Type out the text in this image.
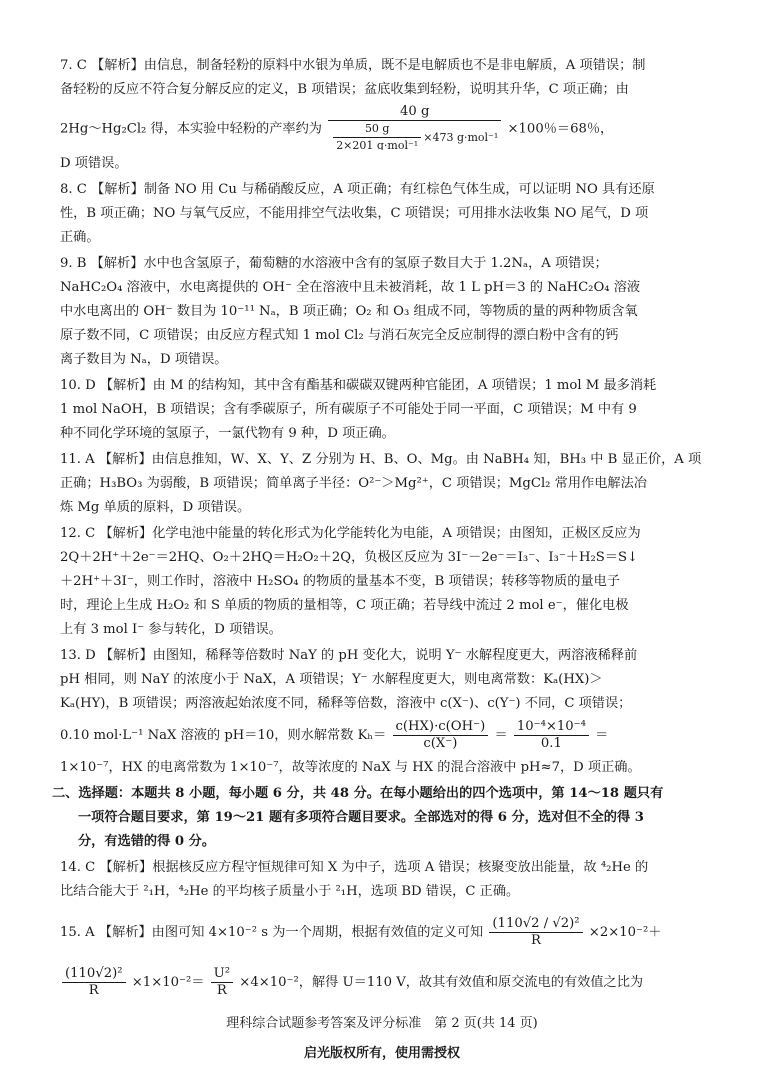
7. C 【解析】由信息，制备轻粉的原料中水银为单质，既不是电解质也不是非电解质，A 项错误；制
备轻粉的反应不符合复分解反应的定义，B 项错误；盆底收集到轻粉，说明其升华，C 项正确；由
2Hg～Hg₂Cl₂ 得，本实验中轻粉的产率约为 $\frac{40 g}{\frac{50 g}{\text{2×201 g·mol⁻¹}} \times 473 g\cdot mol^{-1}} \times 100$％＝68％，
D 项错误。
8. C 【解析】制备 NO 用 Cu 与稀硝酸反应，A 项正确；有红棕色气体生成，可以证明 NO 具有还原
性，B 项正确；NO 与氧气反应，不能用排空气法收集，C 项错误；可用排水法收集 NO 尾气，D 项
正确。
9. B 【解析】水中也含氢原子，葡萄糖的水溶液中含有的氢原子数目大于 1.2Nₐ，A 项错误；
NaHC₂O₄ 溶液中，水电离提供的 OH⁻ 全在溶液中且未被消耗，故 1 L pH＝3 的 NaHC₂O₄ 溶液
中水电离出的 OH⁻ 数目为 10⁻¹¹ Nₐ，B 项正确；O₂ 和 O₃ 组成不同，等物质的量的两种物质含氧
原子数不同，C 项错误；由反应方程式知 1 mol Cl₂ 与消石灰完全反应制得的漂白粉中含有的钙
离子数目为 Nₐ，D 项错误。
10. D 【解析】由 M 的结构知，其中含有酯基和碳碳双键两种官能团，A 项错误；1 mol M 最多消耗
1 mol NaOH，B 项错误；含有季碳原子，所有碳原子不可能处于同一平面，C 项错误；M 中有 9
种不同化学环境的氢原子，一氯代物有 9 种，D 项正确。
11. A 【解析】由信息推知，W、X、Y、Z 分别为 H、B、O、Mg。由 NaBH₄ 知，BH₃ 中 B 显正价，A 项
正确；H₃BO₃ 为弱酸，B 项错误；简单离子半径：O²⁻＞Mg²⁺，C 项错误；MgCl₂ 常用作电解法冶
炼 Mg 单质的原料，D 项错误。
12. C 【解析】化学电池中能量的转化形式为化学能转化为电能，A 项错误；由图知，正极区反应为
2Q＋2H⁺＋2e⁻＝2HQ、O₂＋2HQ＝H₂O₂＋2Q，负极区反应为 3I⁻－2e⁻＝I₃⁻、I₃⁻＋H₂S＝S↓
＋2H⁺＋3I⁻，则工作时，溶液中 H₂SO₄ 的物质的量基本不变，B 项错误；转移等物质的量电子
时，理论上生成 H₂O₂ 和 S 单质的物质的量相等，C 项正确；若导线中流过 2 mol e⁻，催化电极
上有 3 mol I⁻ 参与转化，D 项错误。
13. D 【解析】由图知，稀释等倍数时 NaY 的 pH 变化大，说明 Y⁻ 水解程度更大，两溶液稀释前
pH 相同，则 NaY 的浓度小于 NaX，A 项错误；Y⁻ 水解程度更大，则电离常数：Kₐ(HX)＞
Kₐ(HY)，B 项错误；两溶液起始浓度不同，稀释等倍数，溶液中 c(X⁻)、c(Y⁻) 不同，C 项错误；
0.10 mol·L⁻¹ NaX 溶液的 pH＝10，则水解常数 $K_h= \frac{c(HX)\cdot c(OH^-)}{c(X^-)} = \frac{\text{10⁻⁴×10⁻⁴}}{0.1}$ ＝
1×10⁻⁷，HX 的电离常数为 1×10⁻⁷，故等浓度的 NaX 与 HX 的混合溶液中 pH≈7，D 项正确。
二、选择题：本题共 8 小题，每小题 6 分，共 48 分。在每小题给出的四个选项中，第 14～18 题只有
一项符合题目要求，第 19～21 题有多项符合题目要求。全部选对的得 6 分，选对但不全的得 3
分，有选错的得 0 分。
14. C 【解析】根据核反应方程守恒规律可知 X 为中子，选项 A 错误；核聚变放出能量，故 ⁴₂He 的
比结合能大于 ²₁H，⁴₂He 的平均核子质量小于 ²₁H，选项 BD 错误，C 正确。
15. A 【解析】由图可知 4×10⁻² s 为一个周期，根据有效值的定义可知 $\frac{\text{(110√2 / √2)²}}{R} \times 2\times 10^{-2}+$
$\frac{\text{(110√2)²}}{R} \times 1\times 10^{-2}= \frac{\text{U²}}{R} \times 4\times 10^{-2}$，解得 U＝110 V，故其有效值和原交流电的有效值之比为
理科综合试题参考答案及评分标准　第 2 页(共 14 页)
启光版权所有，使用需授权
